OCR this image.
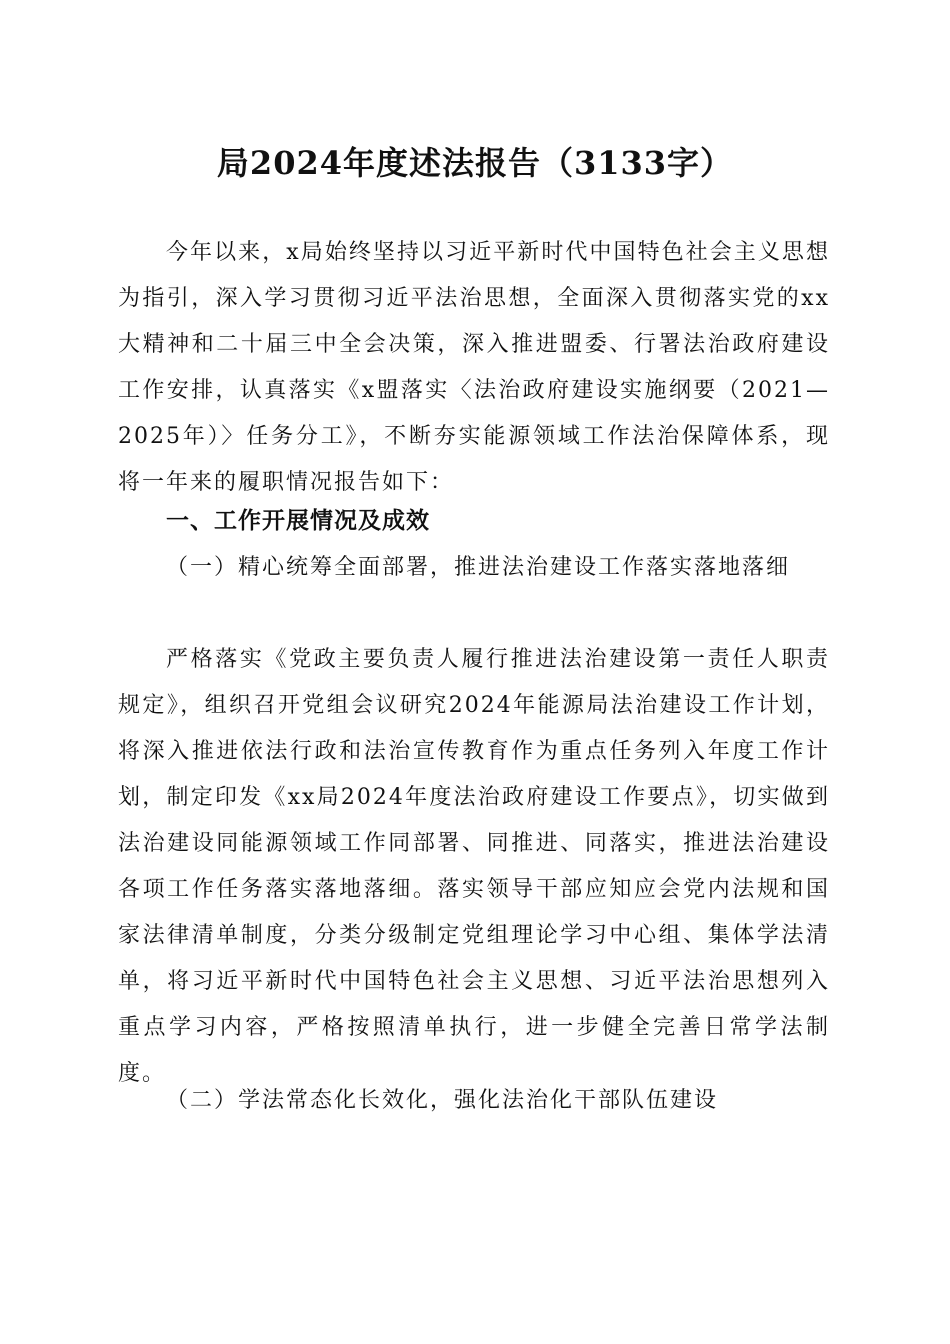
局2024年度述法报告（3133字）

今年以来，x局始终坚持以习近平新时代中国特色社会主义思想为指引，深入学习贯彻习近平法治思想，全面深入贯彻落实党的xx大精神和二十届三中全会决策，深入推进盟委、行署法治政府建设工作安排，认真落实《x盟落实〈法治政府建设实施纲要（2021—2025年）〉任务分工》，不断夯实能源领域工作法治保障体系，现将一年来的履职情况报告如下：

一、工作开展情况及成效

（一）精心统筹全面部署，推进法治建设工作落实落地落细

严格落实《党政主要负责人履行推进法治建设第一责任人职责规定》，组织召开党组会议研究2024年能源局法治建设工作计划，将深入推进依法行政和法治宣传教育作为重点任务列入年度工作计划，制定印发《xx局2024年度法治政府建设工作要点》，切实做到法治建设同能源领域工作同部署、同推进、同落实，推进法治建设各项工作任务落实落地落细。落实领导干部应知应会党内法规和国家法律清单制度，分类分级制定党组理论学习中心组、集体学法清单，将习近平新时代中国特色社会主义思想、习近平法治思想列入重点学习内容，严格按照清单执行，进一步健全完善日常学法制度。

（二）学法常态化长效化，强化法治化干部队伍建设
